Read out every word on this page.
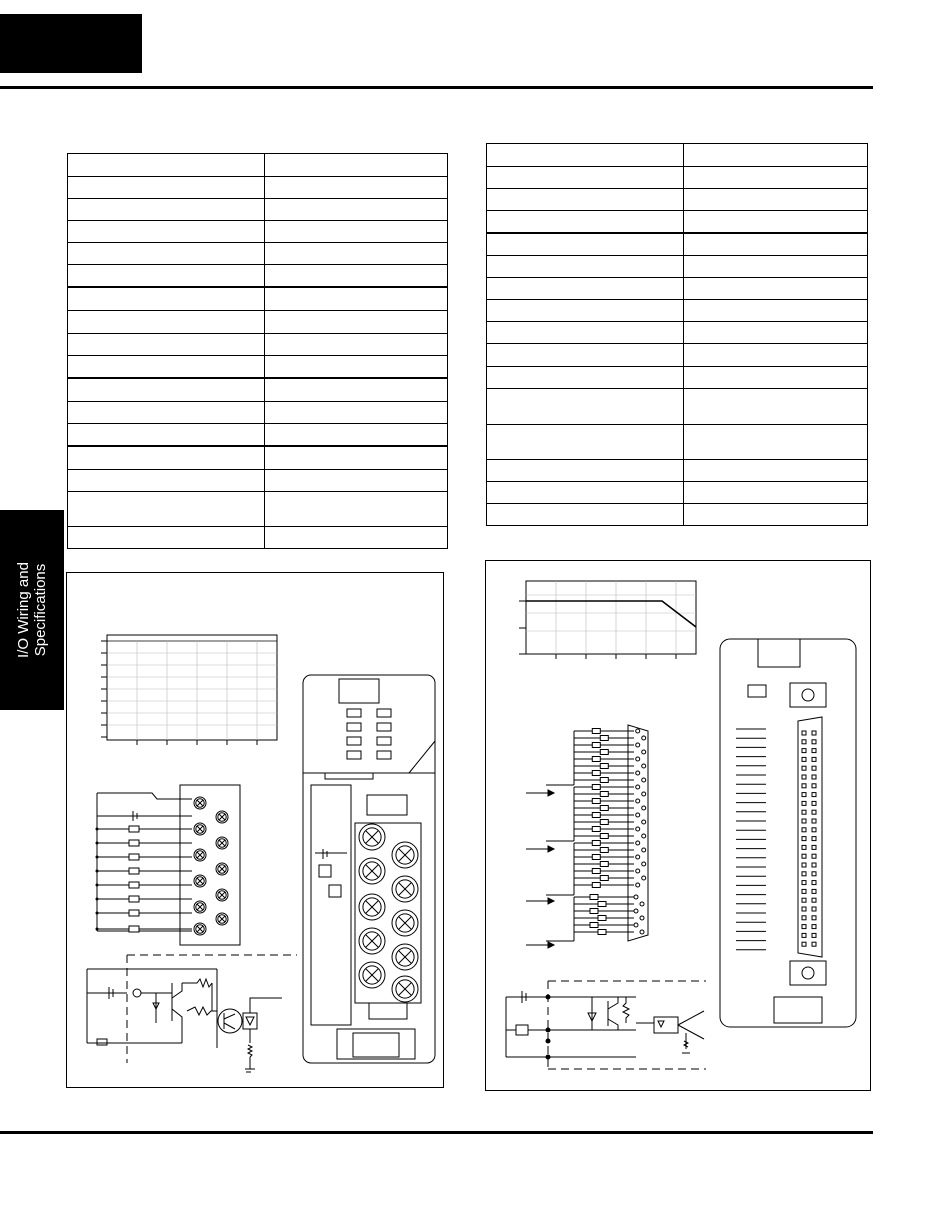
I/O Wiring and
Specifications
